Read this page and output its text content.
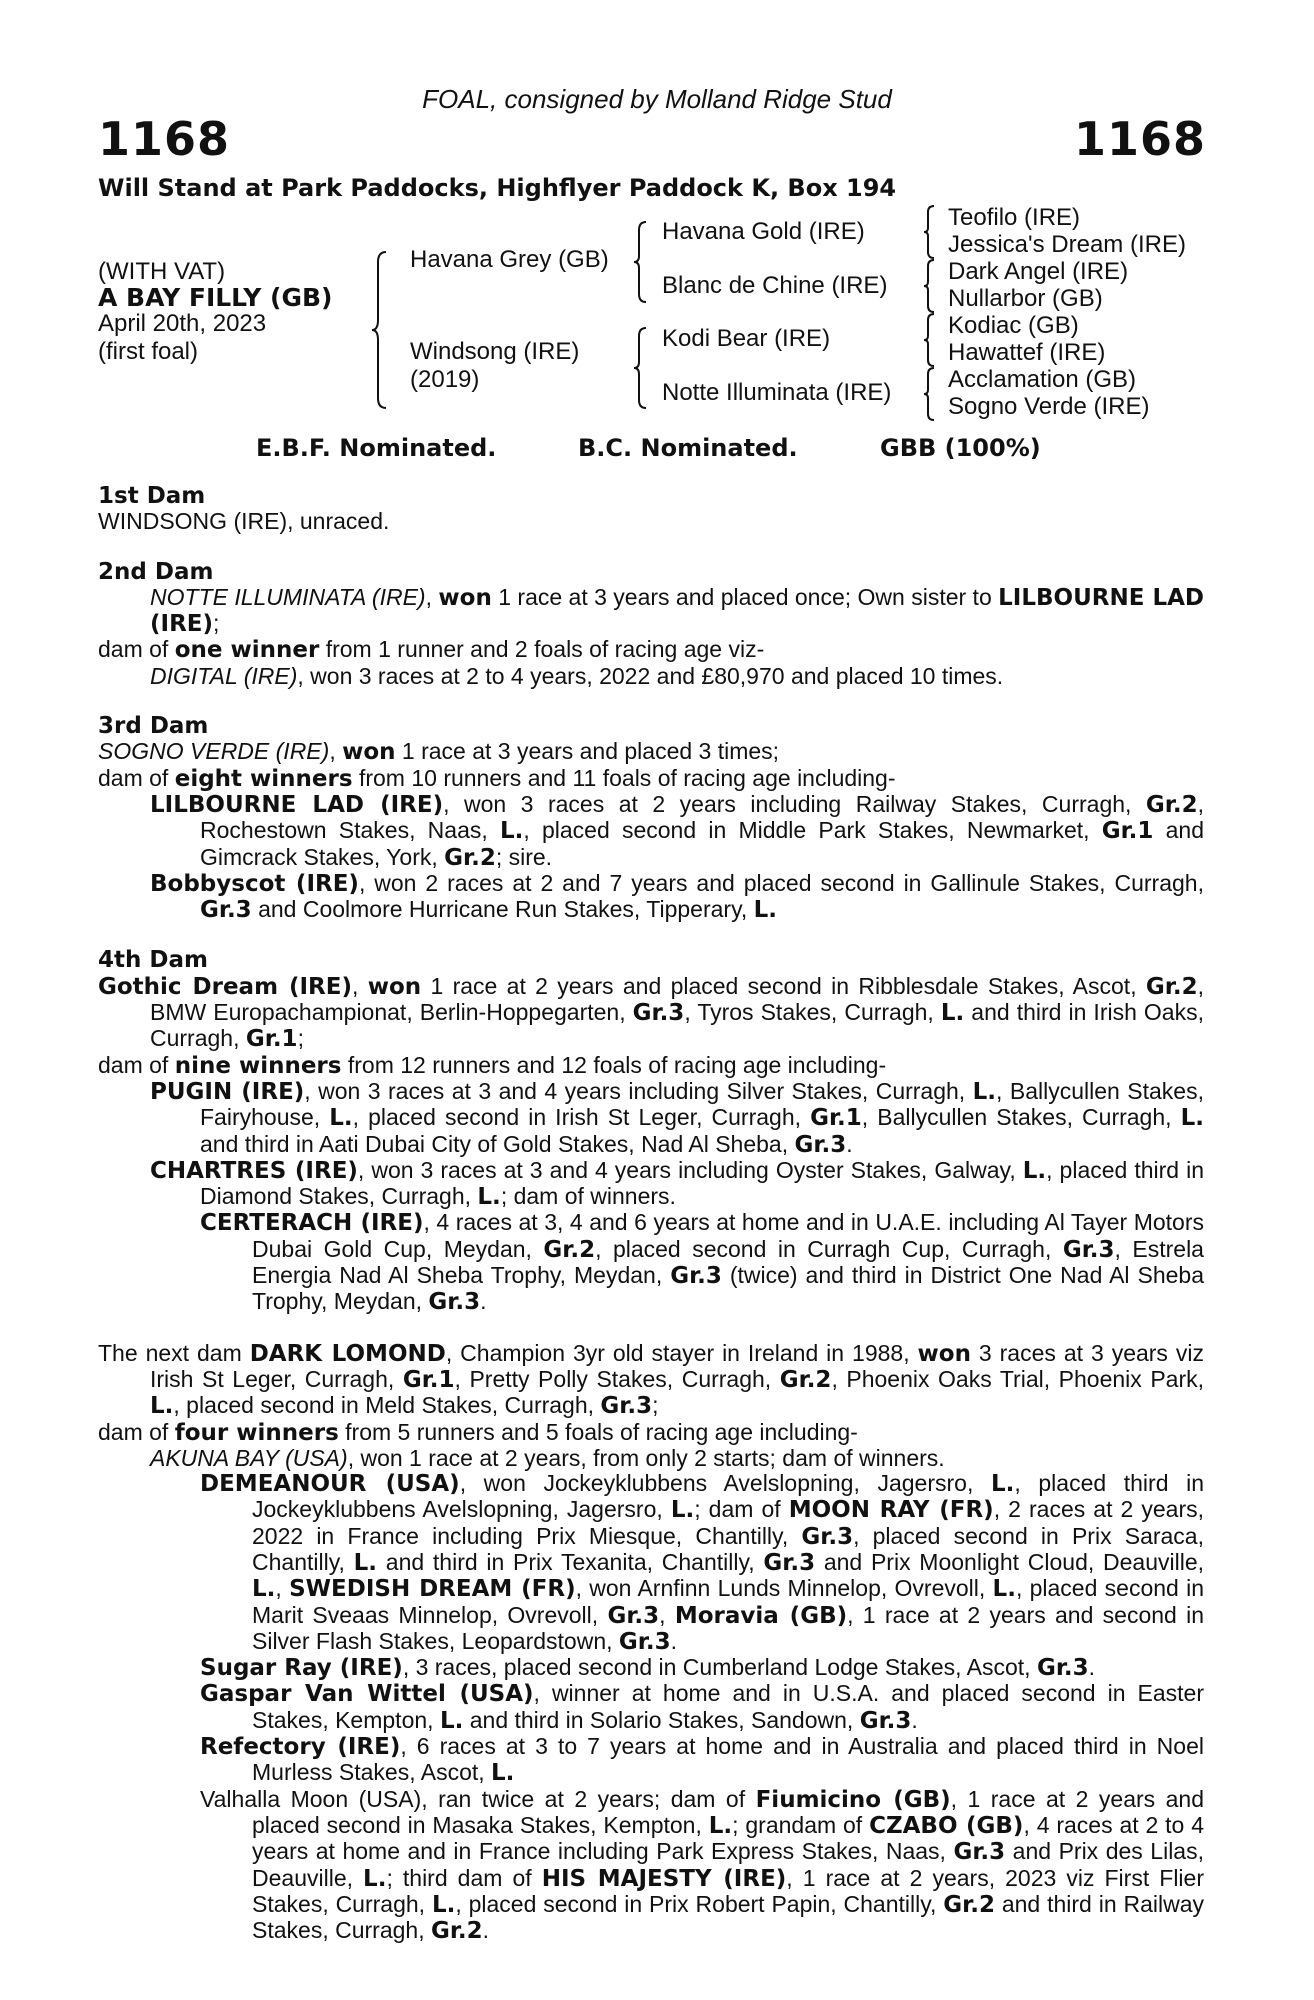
FOAL, consigned by Molland Ridge Stud
1168	1168
Will Stand at Park Paddocks, Highflyer Paddock K, Box 194
(WITH VAT)
A BAY FILLY (GB)
April 20th, 2023
(first foal)
Havana Grey (GB)
Windsong (IRE)
(2019)
Havana Gold (IRE)
Blanc de Chine (IRE)
Kodi Bear (IRE)
Notte Illuminata (IRE)
Teofilo (IRE)
Jessica's Dream (IRE)
Dark Angel (IRE)
Nullarbor (GB)
Kodiac (GB)
Hawattef (IRE)
Acclamation (GB)
Sogno Verde (IRE)
E.B.F. Nominated.	B.C. Nominated.	GBB (100%)
1st Dam

WINDSONG (IRE), unraced.

2nd Dam

NOTTE ILLUMINATA (IRE), won 1 race at 3 years and placed once; Own sister to LILBOURNE LAD (IRE);

dam of one winner from 1 runner and 2 foals of racing age viz-

DIGITAL (IRE), won 3 races at 2 to 4 years, 2022 and £80,970 and placed 10 times.

3rd Dam

SOGNO VERDE (IRE), won 1 race at 3 years and placed 3 times;

dam of eight winners from 10 runners and 11 foals of racing age including-

LILBOURNE LAD (IRE), won 3 races at 2 years including Railway Stakes, Curragh, Gr.2, Rochestown Stakes, Naas, L., placed second in Middle Park Stakes, Newmarket, Gr.1 and Gimcrack Stakes, York, Gr.2; sire.

Bobbyscot (IRE), won 2 races at 2 and 7 years and placed second in Gallinule Stakes, Curragh, Gr.3 and Coolmore Hurricane Run Stakes, Tipperary, L.

4th Dam

Gothic Dream (IRE), won 1 race at 2 years and placed second in Ribblesdale Stakes, Ascot, Gr.2, BMW Europachampionat, Berlin-Hoppegarten, Gr.3, Tyros Stakes, Curragh, L. and third in Irish Oaks, Curragh, Gr.1;

dam of nine winners from 12 runners and 12 foals of racing age including-

PUGIN (IRE), won 3 races at 3 and 4 years including Silver Stakes, Curragh, L., Ballycullen Stakes, Fairyhouse, L., placed second in Irish St Leger, Curragh, Gr.1, Ballycullen Stakes, Curragh, L. and third in Aati Dubai City of Gold Stakes, Nad Al Sheba, Gr.3.

CHARTRES (IRE), won 3 races at 3 and 4 years including Oyster Stakes, Galway, L., placed third in Diamond Stakes, Curragh, L.; dam of winners.

CERTERACH (IRE), 4 races at 3, 4 and 6 years at home and in U.A.E. including Al Tayer Motors Dubai Gold Cup, Meydan, Gr.2, placed second in Curragh Cup, Curragh, Gr.3, Estrela Energia Nad Al Sheba Trophy, Meydan, Gr.3 (twice) and third in District One Nad Al Sheba Trophy, Meydan, Gr.3.

The next dam DARK LOMOND, Champion 3yr old stayer in Ireland in 1988, won 3 races at 3 years viz Irish St Leger, Curragh, Gr.1, Pretty Polly Stakes, Curragh, Gr.2, Phoenix Oaks Trial, Phoenix Park, L., placed second in Meld Stakes, Curragh, Gr.3;

dam of four winners from 5 runners and 5 foals of racing age including-

AKUNA BAY (USA), won 1 race at 2 years, from only 2 starts; dam of winners.

DEMEANOUR (USA), won Jockeyklubbens Avelslopning, Jagersro, L., placed third in Jockeyklubbens Avelslopning, Jagersro, L.; dam of MOON RAY (FR), 2 races at 2 years, 2022 in France including Prix Miesque, Chantilly, Gr.3, placed second in Prix Saraca, Chantilly, L. and third in Prix Texanita, Chantilly, Gr.3 and Prix Moonlight Cloud, Deauville, L., SWEDISH DREAM (FR), won Arnfinn Lunds Minnelop, Ovrevoll, L., placed second in Marit Sveaas Minnelop, Ovrevoll, Gr.3, Moravia (GB), 1 race at 2 years and second in Silver Flash Stakes, Leopardstown, Gr.3.

Sugar Ray (IRE), 3 races, placed second in Cumberland Lodge Stakes, Ascot, Gr.3.

Gaspar Van Wittel (USA), winner at home and in U.S.A. and placed second in Easter Stakes, Kempton, L. and third in Solario Stakes, Sandown, Gr.3.

Refectory (IRE), 6 races at 3 to 7 years at home and in Australia and placed third in Noel Murless Stakes, Ascot, L.

Valhalla Moon (USA), ran twice at 2 years; dam of Fiumicino (GB), 1 race at 2 years and placed second in Masaka Stakes, Kempton, L.; grandam of CZABO (GB), 4 races at 2 to 4 years at home and in France including Park Express Stakes, Naas, Gr.3 and Prix des Lilas, Deauville, L.; third dam of HIS MAJESTY (IRE), 1 race at 2 years, 2023 viz First Flier Stakes, Curragh, L., placed second in Prix Robert Papin, Chantilly, Gr.2 and third in Railway Stakes, Curragh, Gr.2.
